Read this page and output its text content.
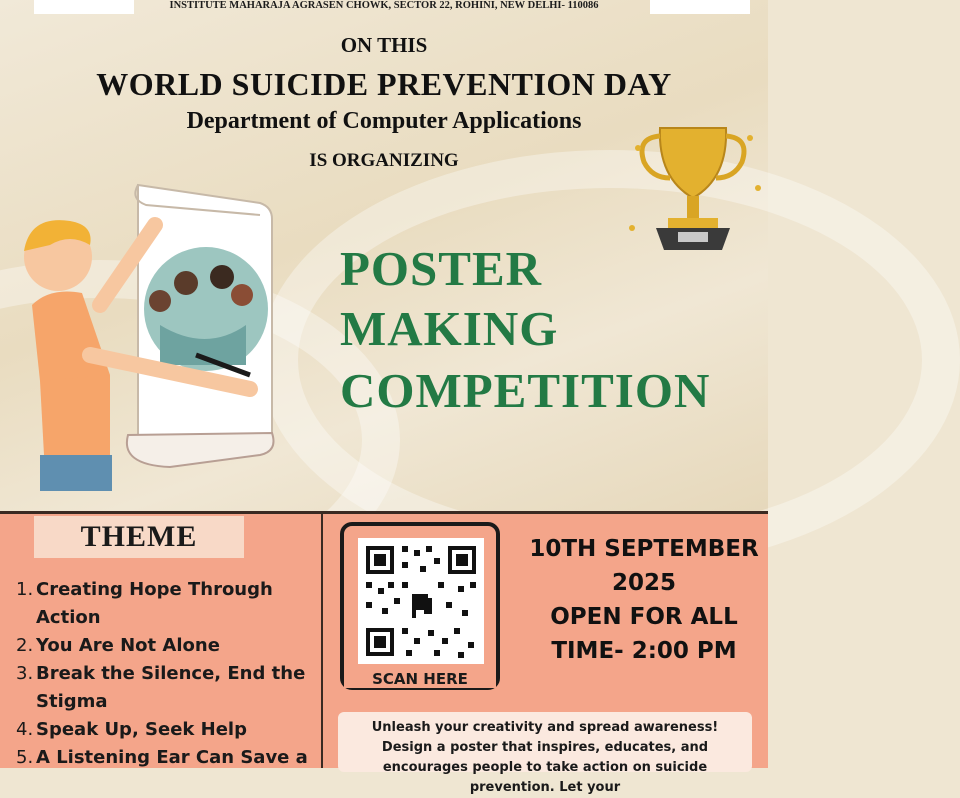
INSTITUTE MAHARAJA AGRASEN CHOWK, SECTOR 22, ROHINI, NEW DELHI- 110086
ON THIS
WORLD SUICIDE PREVENTION DAY
Department of Computer Applications
IS ORGANIZING
POSTER
MAKING
COMPETITION
THEME
1. Creating Hope Through Action
2. You Are Not Alone
3. Break the Silence, End the Stigma
4. Speak Up, Seek Help
5. A Listening Ear Can Save a
SCAN HERE
10TH SEPTEMBER
2025
OPEN FOR ALL
TIME- 2:00 PM
Unleash your creativity and spread awareness! Design a poster that inspires, educates, and encourages people to take action on suicide prevention. Let your
